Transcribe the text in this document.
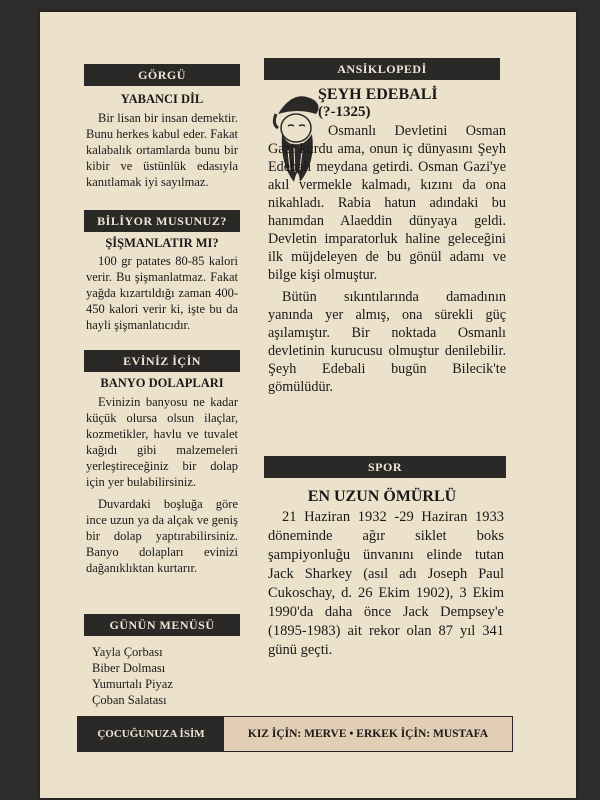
GÖRGÜ
YABANCI DİL

Bir lisan bir insan demektir. Bunu herkes kabul eder. Fakat kalabalık ortamlarda bunu bir kibir ve üstünlük edasıyla kanıtlamak iyi sayılmaz.

BİLİYOR MUSUNUZ?
ŞİŞMANLATIR MI?

100 gr patates 80-85 kalori verir. Bu şişmanlatmaz. Fakat yağda kızartıldığı zaman 400-450 kalori verir ki, işte bu da hayli şişmanlatıcıdır.

EVİNİZ İÇİN
BANYO DOLAPLARI

Evinizin banyosu ne kadar küçük olursa olsun ilaçlar, kozmetikler, havlu ve tuvalet kağıdı gibi malzemeleri yerleştireceğiniz bir dolap için yer bulabilirsiniz.

Duvardaki boşluğa göre ince uzun ya da alçak ve geniş bir dolap yaptırabilirsiniz. Banyo dolapları evinizi dağanıklıktan kurtarır.

GÜNÜN MENÜSÜ
Yayla Çorbası
Biber Dolması
Yumurtalı Piyaz
Çoban Salatası
ANSİKLOPEDİ
ŞEYH EDEBALİ
(?-1325)

Osmanlı Devletini Osman Gazi kurdu ama, onun iç dünyasını Şeyh Edebali meydana getirdi. Osman Gazi'ye akıl vermekle kalmadı, kızını da ona nikahladı. Rabia hatun adındaki bu hanımdan Alaeddin dünyaya geldi. Devletin imparatorluk haline geleceğini ilk müjdeleyen de bu gönül adamı ve bilge kişi olmuştur.

Bütün sıkıntılarında damadının yanında yer almış, ona sürekli güç aşılamıştır. Bir noktada Osmanlı devletinin kurucusu olmuştur denilebilir. Şeyh Edebali bugün Bilecik'te gömülüdür.

SPOR
EN UZUN ÖMÜRLÜ

21 Haziran 1932 -29 Haziran 1933 döneminde ağır siklet boks şampiyonluğu ünvanını elinde tutan Jack Sharkey (asıl adı Joseph Paul Cukoschay, d. 26 Ekim 1902), 3 Ekim 1990'da daha önce Jack Dempsey'e (1895-1983) ait rekor olan 87 yıl 341 günü geçti.

ÇOCUĞUNUZA İSİM	KIZ İÇİN: MERVE • ERKEK İÇİN: MUSTAFA
